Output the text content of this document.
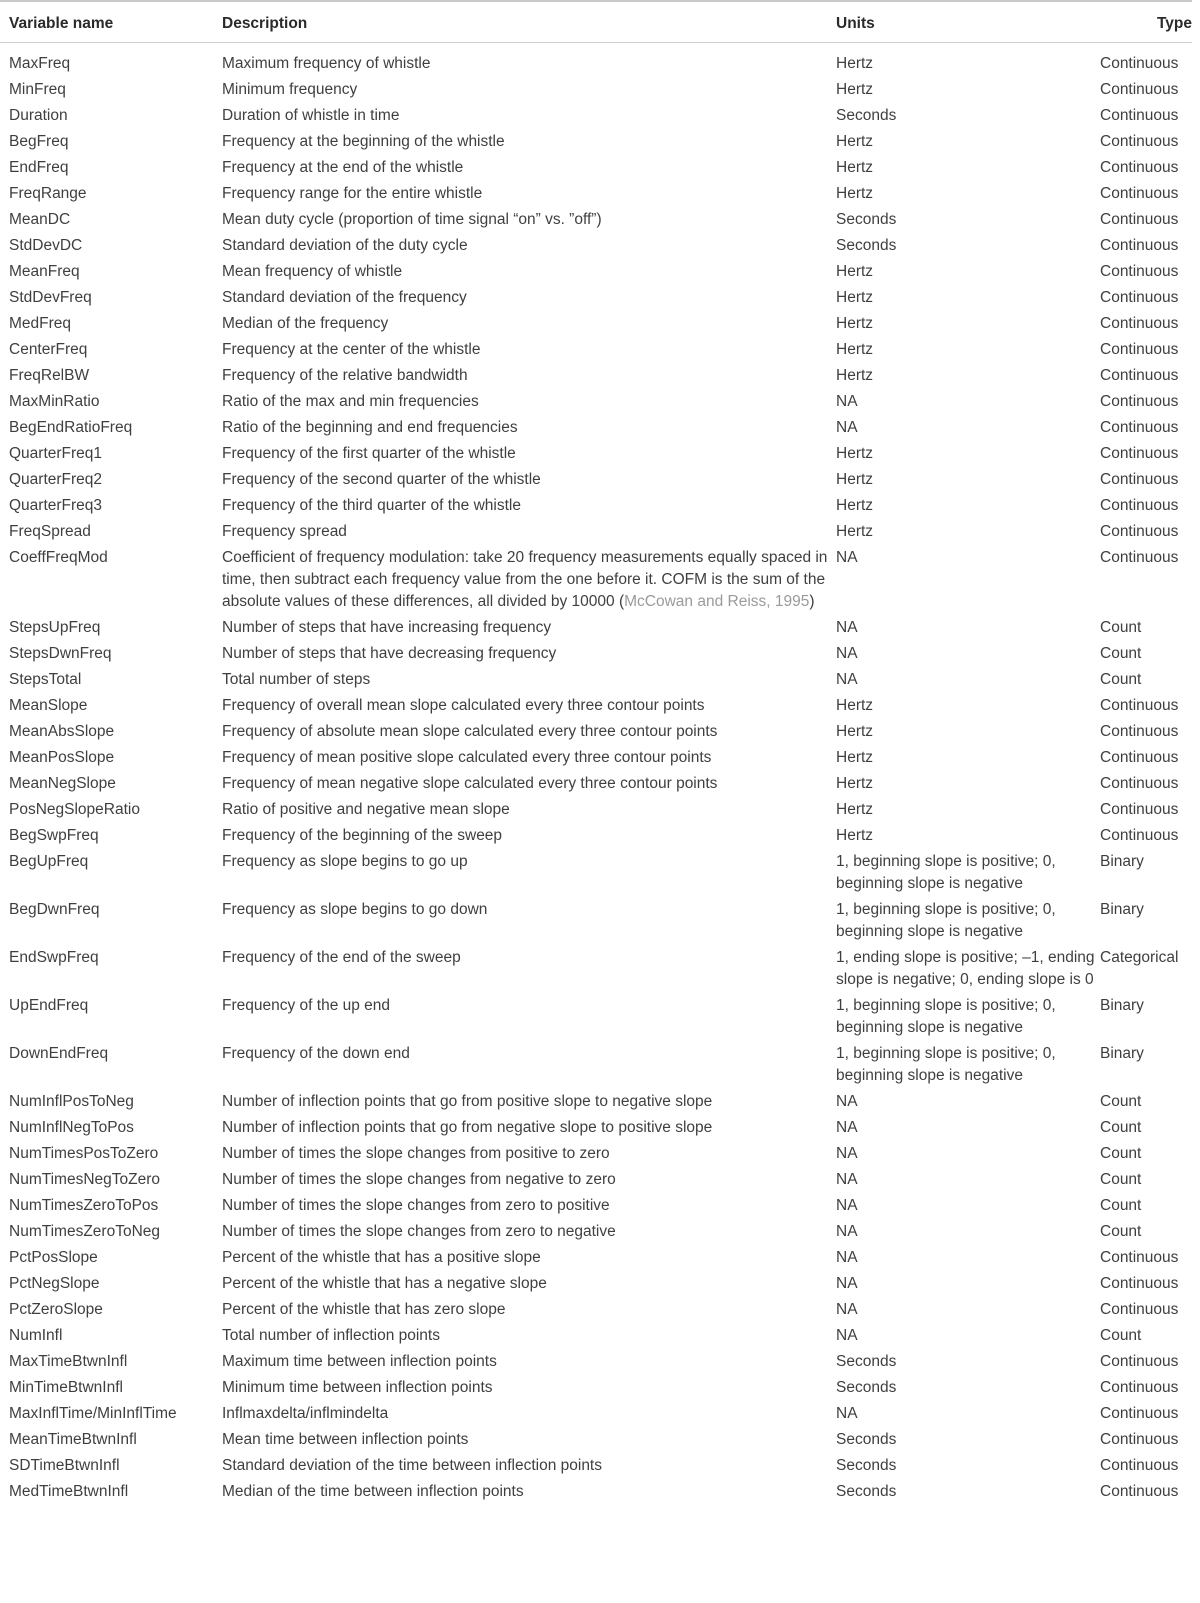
Variable name	Description	Units	Type
MaxFreq	Maximum frequency of whistle	Hertz	Continuous
MinFreq	Minimum frequency	Hertz	Continuous
Duration	Duration of whistle in time	Seconds	Continuous
BegFreq	Frequency at the beginning of the whistle	Hertz	Continuous
EndFreq	Frequency at the end of the whistle	Hertz	Continuous
FreqRange	Frequency range for the entire whistle	Hertz	Continuous
MeanDC	Mean duty cycle (proportion of time signal “on” vs. ”off”)	Seconds	Continuous
StdDevDC	Standard deviation of the duty cycle	Seconds	Continuous
MeanFreq	Mean frequency of whistle	Hertz	Continuous
StdDevFreq	Standard deviation of the frequency	Hertz	Continuous
MedFreq	Median of the frequency	Hertz	Continuous
CenterFreq	Frequency at the center of the whistle	Hertz	Continuous
FreqRelBW	Frequency of the relative bandwidth	Hertz	Continuous
MaxMinRatio	Ratio of the max and min frequencies	NA	Continuous
BegEndRatioFreq	Ratio of the beginning and end frequencies	NA	Continuous
QuarterFreq1	Frequency of the first quarter of the whistle	Hertz	Continuous
QuarterFreq2	Frequency of the second quarter of the whistle	Hertz	Continuous
QuarterFreq3	Frequency of the third quarter of the whistle	Hertz	Continuous
FreqSpread	Frequency spread	Hertz	Continuous
CoeffFreqMod	Coefficient of frequency modulation: take 20 frequency measurements equally spaced in time, then subtract each frequency value from the one before it. COFM is the sum of the absolute values of these differences, all divided by 10000 (McCowan and Reiss, 1995)	NA	Continuous
StepsUpFreq	Number of steps that have increasing frequency	NA	Count
StepsDwnFreq	Number of steps that have decreasing frequency	NA	Count
StepsTotal	Total number of steps	NA	Count
MeanSlope	Frequency of overall mean slope calculated every three contour points	Hertz	Continuous
MeanAbsSlope	Frequency of absolute mean slope calculated every three contour points	Hertz	Continuous
MeanPosSlope	Frequency of mean positive slope calculated every three contour points	Hertz	Continuous
MeanNegSlope	Frequency of mean negative slope calculated every three contour points	Hertz	Continuous
PosNegSlopeRatio	Ratio of positive and negative mean slope	Hertz	Continuous
BegSwpFreq	Frequency of the beginning of the sweep	Hertz	Continuous
BegUpFreq	Frequency as slope begins to go up	1, beginning slope is positive; 0, beginning slope is negative	Binary
BegDwnFreq	Frequency as slope begins to go down	1, beginning slope is positive; 0, beginning slope is negative	Binary
EndSwpFreq	Frequency of the end of the sweep	1, ending slope is positive; –1, ending slope is negative; 0, ending slope is 0	Categorical
UpEndFreq	Frequency of the up end	1, beginning slope is positive; 0, beginning slope is negative	Binary
DownEndFreq	Frequency of the down end	1, beginning slope is positive; 0, beginning slope is negative	Binary
NumInflPosToNeg	Number of inflection points that go from positive slope to negative slope	NA	Count
NumInflNegToPos	Number of inflection points that go from negative slope to positive slope	NA	Count
NumTimesPosToZero	Number of times the slope changes from positive to zero	NA	Count
NumTimesNegToZero	Number of times the slope changes from negative to zero	NA	Count
NumTimesZeroToPos	Number of times the slope changes from zero to positive	NA	Count
NumTimesZeroToNeg	Number of times the slope changes from zero to negative	NA	Count
PctPosSlope	Percent of the whistle that has a positive slope	NA	Continuous
PctNegSlope	Percent of the whistle that has a negative slope	NA	Continuous
PctZeroSlope	Percent of the whistle that has zero slope	NA	Continuous
NumInfl	Total number of inflection points	NA	Count
MaxTimeBtwnInfl	Maximum time between inflection points	Seconds	Continuous
MinTimeBtwnInfl	Minimum time between inflection points	Seconds	Continuous
MaxInflTime/MinInflTime	Inflmaxdelta/inflmindelta	NA	Continuous
MeanTimeBtwnInfl	Mean time between inflection points	Seconds	Continuous
SDTimeBtwnInfl	Standard deviation of the time between inflection points	Seconds	Continuous
MedTimeBtwnInfl	Median of the time between inflection points	Seconds	Continuous
